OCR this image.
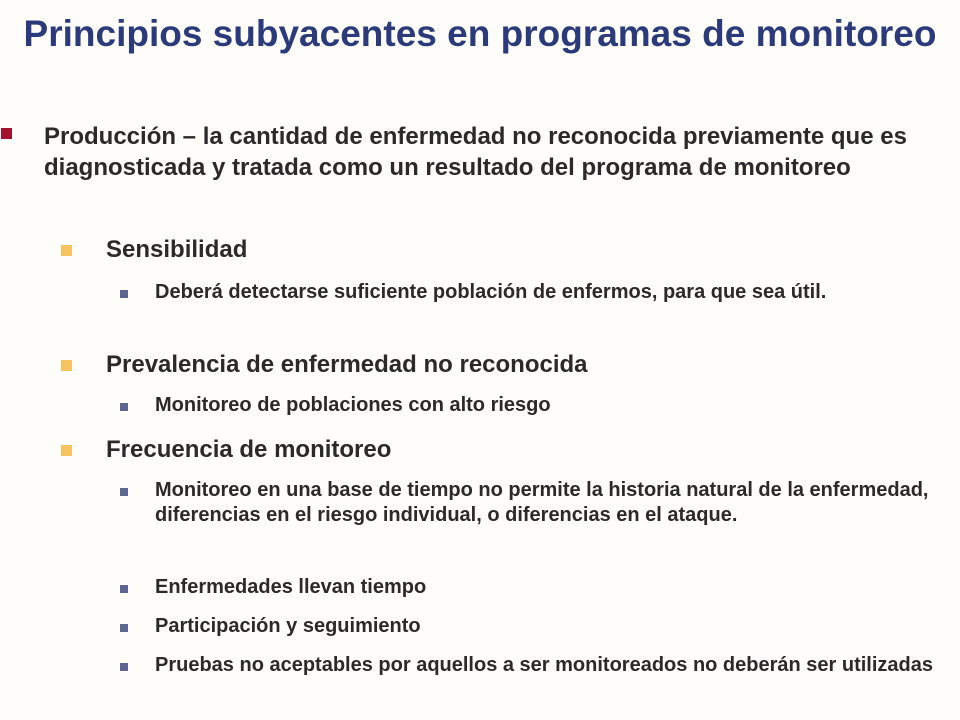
Principios subyacentes en programas de monitoreo
Producción – la cantidad de enfermedad no reconocida previamente que es diagnosticada y tratada como un resultado del programa de monitoreo
Sensibilidad
Deberá detectarse suficiente población de enfermos, para que sea útil.
Prevalencia de enfermedad no reconocida
Monitoreo de poblaciones con alto riesgo
Frecuencia de monitoreo
Monitoreo en una base de tiempo no permite la historia natural de la enfermedad, diferencias en el riesgo individual, o diferencias en el ataque.
Enfermedades llevan tiempo
Participación y seguimiento
Pruebas no aceptables por aquellos a ser monitoreados no deberán ser utilizadas
